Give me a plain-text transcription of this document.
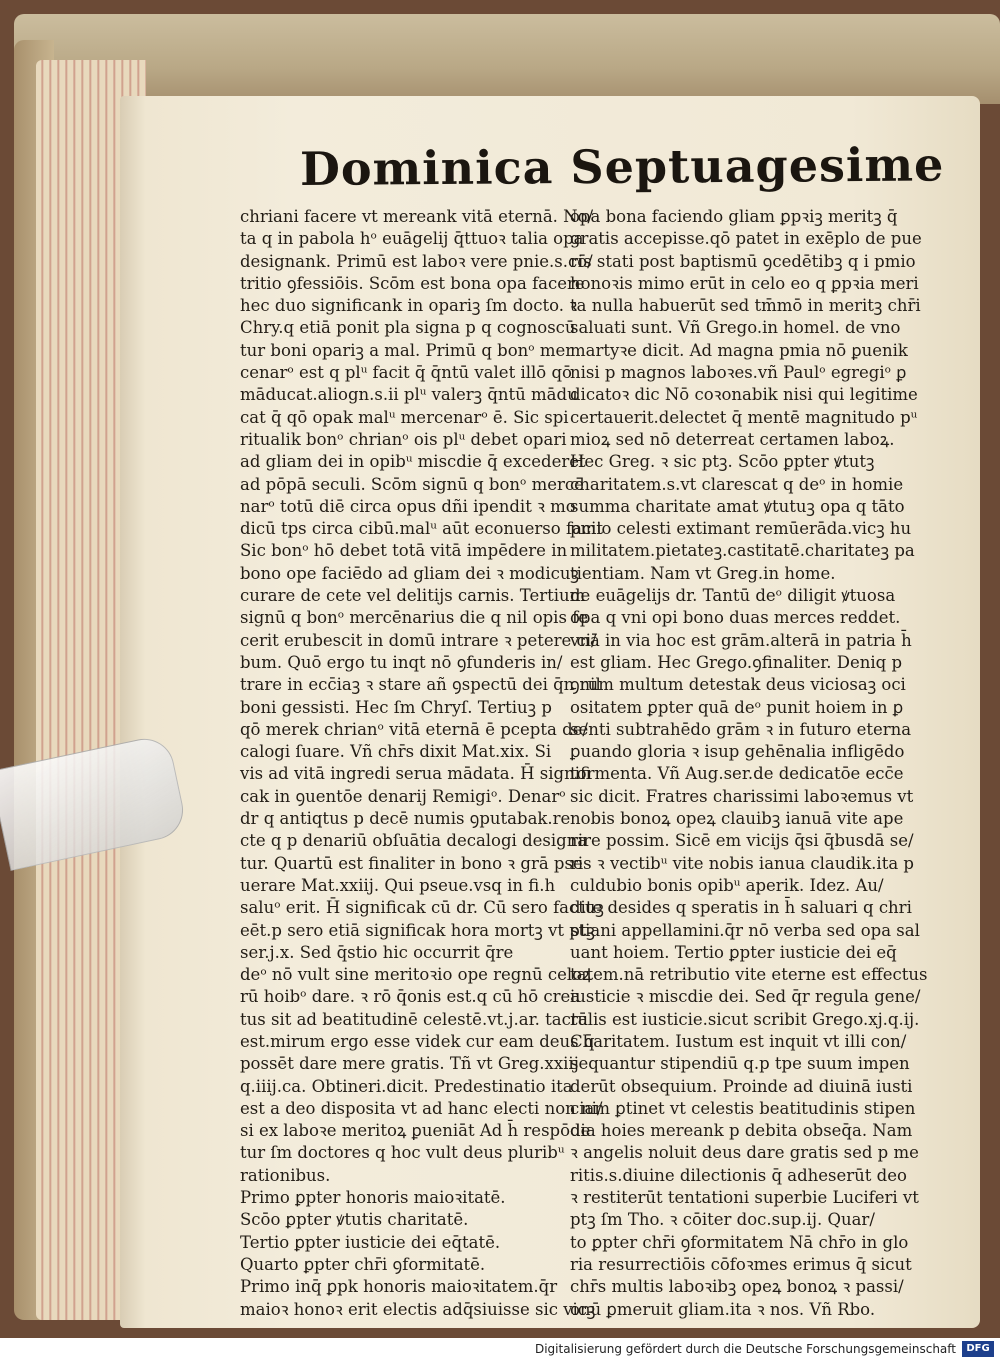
Dominica Septuagesime
chriani facere vt mereank vitā eternā. No/
ta q in pabola hᵒ euāgelij q̄ttuoꝛ talia opa
designank. Primū est laboꝛ vere pnie.s.cō/
tritio ꝯfessiōis. Scōm est bona opa facere
hec duo significank in opariꝫ ſm docto. ꝛ
Chry.q etiā ponit pla signa p q cognoscū
tur boni opariꝫ a mal. Primū q bonᵒ mer
cenarᵒ est q plᵘ facit q̄ q̄ntū valet illō qō
māducat.aliogn.s.ii plᵘ valerꝫ q̄ntū mādu
cat q̄ qō opak malᵘ mercenarᵒ ē. Sic spi
ritualik bonᵒ chrianᵒ ois plᵘ debet opari
ad gliam dei in opibᵘ miscdie q̄ excederet
ad pōpā seculi. Scōm signū q bonᵒ mercē
narᵒ totū diē circa opus dñi ipendit ꝛ mo
dicū tps circa cibū.malᵘ aūt econuerso facit
Sic bonᵒ hō debet totā vitā impēdere in
bono ope faciēdo ad gliam dei ꝛ modicuꝫ
curare de cete vel delitijs carnis. Tertium
signū q bonᵒ mercēnarius die q nil opis fe
cerit erubescit in domū intrare ꝛ petere ci/
bum. Quō ergo tu inqt nō ꝯfunderis in/
trare in ecc̄iaꝫ ꝛ stare añ ꝯspectū dei q̄n nil
boni gessisti. Hec ſm Chryſ. Tertiuꝫ p
qō merek chrianᵒ vitā eternā ē pcepta de/
calogi ſuare. Vñ chr̄s dixit Mat.xix. Si
vis ad vitā ingredi serua mādata. H̄ signifi
cak in ꝯuentōe denarij Remigiᵒ. Denarᵒ
dr q antiqtus p decē numis ꝯputabak.re
cte q p denariū obſuātia decalogi designa
tur. Quartū est finaliter in bono ꝛ grā pse
uerare Mat.xxiij. Qui pseue.vsq in fi.h
saluᵒ erit. H̄ significak cū dr. Cū sero factuꝫ
eēt.p sero etiā significak hora mortꝫ vt ptꝫ
ser.j.x. Sed q̄stio hic occurrit q̄re
deᵒ nō vult sine meritoꝛio ope regnū celoꝝ
rū hoibᵒ dare. ꝛ rō q̄onis est.q cū hō crea
tus sit ad beatitudinē celestē.vt.j.ar. tactū
est.mirum ergo esse videk cur eam deus q̄
possēt dare mere gratis. Tñ vt Greg.xxiij
q.iiij.ca. Obtineri.dicit. Predestinatio ita
est a deo disposita vt ad hanc electi non ni/
si ex laboꝛe meritoꝝ ꝑueniāt Ad h̄ respōde
tur ſm doctores q hoc vult deus pluribᵘ
rationibus.
Primo ꝑpter honoris maioꝛitatē.
Scōo ꝑpter ꝟtutis charitatē.
Tertio ꝑpter iusticie dei eq̄tatē.
Quarto ꝑpter chr̄i ꝯformitatē.
Primo inq̄ ꝑpk honoris maioꝛitatem.q̄r
maioꝛ honoꝛ erit electis adq̄siuisse sic vicꝫ
opa bona faciendo gliam ꝑpꝛiꝫ meritꝫ q̄
gratis accepisse.qō patet in exēplo de pue
ris stati post baptismū ꝯcedētibꝫ q i pmio
honoꝛis mimo erūt in celo eo q ꝑpꝛia meri
ta nulla habuerūt sed tm̄mō in meritꝫ chr̄i
saluati sunt. Vñ Grego.in homel. de vno
martyꝛe dicit. Ad magna pmia nō ꝑuenik
nisi p magnos laboꝛes.vñ Paulᵒ egregiᵒ ꝑ
dicatoꝛ dic Nō coꝛonabik nisi qui legitime
certauerit.delectet q̄ mentē magnitudo pᵘ
mioꝝ sed nō deterreat certamen laboꝝ.
Hec Greg. ꝛ sic ptꝫ. Scōo ꝑpter ꝟtutꝫ
charitatem.s.vt clarescat q deᵒ in homie
summa charitate amat ꝟtutuꝫ opa q tāto
pmio celesti extimant remūerāda.vicꝫ hu
militatem.pietateꝫ.castitatē.charitateꝫ pa
tientiam. Nam vt Greg.in home.
de euāgelijs dr. Tantū deᵒ diligit ꝟtuosa
opa q vni opi bono duas merces reddet.
vnā in via hoc est grām.alterā in patria h̄
est gliam. Hec Grego.ꝯfinaliter. Deniq p
ꝯrum multum detestak deus viciosaꝫ oci
ositatem ꝑpter quā deᵒ punit hoiem in ꝑ
senti subtrahēdo grām ꝛ in futuro eterna
ꝑuando gloria ꝛ isup gehēnalia infligēdo
tormenta. Vñ Aug.ser.de dedicatōe ecc̄e
sic dicit. Fratres charissimi laboꝛemus vt
nobis bonoꝝ opeꝝ clauibꝫ ianuā vite ape
rire possim. Sicē em vicijs q̄si q̄busdā se/
ris ꝛ vectibᵘ vite nobis ianua claudik.ita p
culdubio bonis opibᵘ aperik. Idez. Au/
dite desides q speratis in h̄ saluari q chri
stiani appellamini.q̄r nō verba sed opa sal
uant hoiem. Tertio ꝑpter iusticie dei eq̄
tatem.nā retributio vite eterne est effectus
iusticie ꝛ miscdie dei. Sed q̄r regula gene/
ralis est iusticie.sicut scribit Grego.xj.q.ij.
Charitatem. Iustum est inquit vt illi con/
sequantur stipendiū q.p tpe suum impen
derūt obsequium. Proinde ad diuinā iusti
ciam ꝑtinet vt celestis beatitudinis stipen
dia hoies mereank p debita obseq̄a. Nam
ꝛ angelis noluit deus dare gratis sed p me
ritis.s.diuine dilectionis q̄ adheserūt deo
ꝛ restiterūt tentationi superbie Luciferi vt
ptꝫ ſm Tho. ꝛ cōiter doc.sup.ij. Quar/
to ꝑpter chr̄i ꝯformitatem Nā chr̄o in glo
ria resurrectiōis cōfoꝛmes erimus q̄ sicut
chr̄s multis laboꝛibꝫ opeꝝ bonoꝝ ꝛ passi/
onū ꝑmeruit gliam.ita ꝛ nos. Vñ Rbo.
Digitalisierung gefördert durch die Deutsche Forschungsgemeinschaft	DFG
